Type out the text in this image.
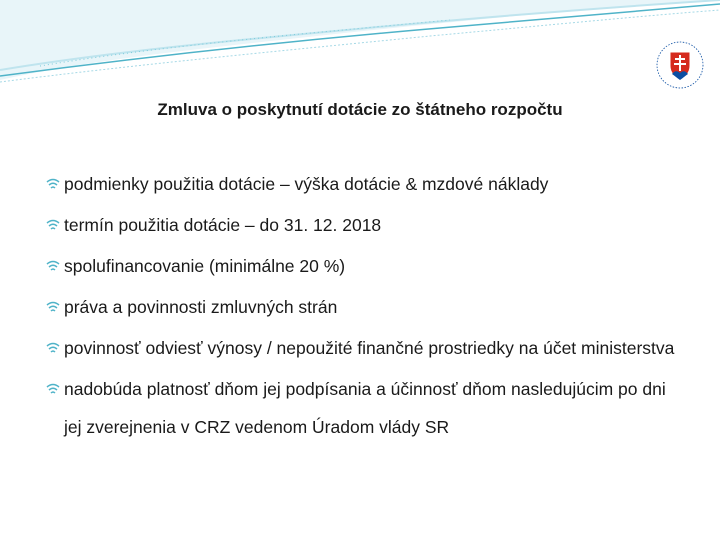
Zmluva o poskytnutí dotácie zo štátneho rozpočtu
podmienky použitia dotácie – výška dotácie & mzdové náklady
termín použitia dotácie – do 31. 12. 2018
spolufinancovanie (minimálne 20 %)
práva a povinnosti zmluvných strán
povinnosť odviesť výnosy / nepoužité finančné prostriedky na účet ministerstva
nadobúda platnosť dňom jej podpísania a účinnosť dňom nasledujúcim po dni jej zverejnenia v CRZ vedenom Úradom vlády SR
